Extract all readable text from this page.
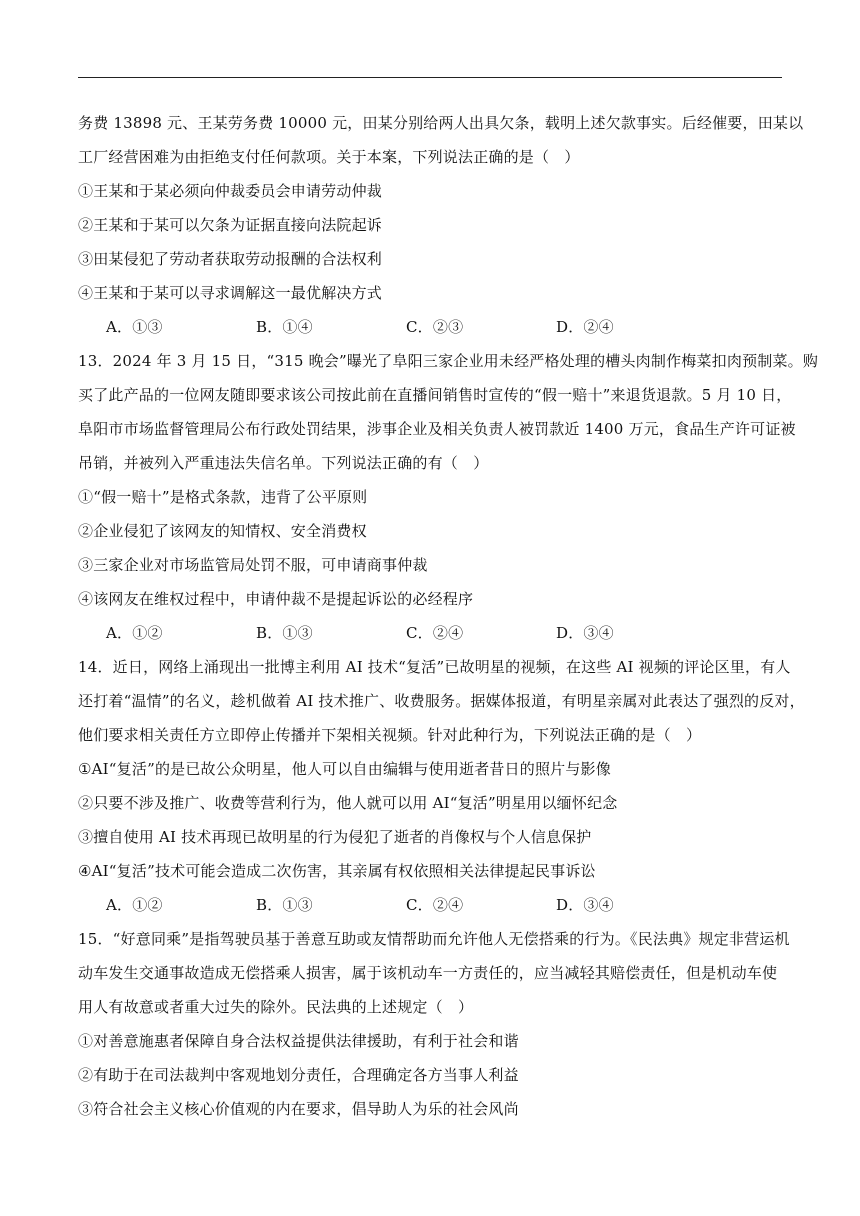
务费 13898 元、王某劳务费 10000 元，田某分别给两人出具欠条，载明上述欠款事实。后经催要，田某以
工厂经营困难为由拒绝支付任何款项。关于本案，下列说法正确的是（　）
①王某和于某必须向仲裁委员会申请劳动仲裁
②王某和于某可以欠条为证据直接向法院起诉
③田某侵犯了劳动者获取劳动报酬的合法权利
④王某和于某可以寻求调解这一最优解决方式
A．①③	B．①④	C．②③	D．②④
13．2024 年 3 月 15 日，“315 晚会”曝光了阜阳三家企业用未经严格处理的槽头肉制作梅菜扣肉预制菜。购
买了此产品的一位网友随即要求该公司按此前在直播间销售时宣传的“假一赔十”来退货退款。5 月 10 日，
阜阳市市场监督管理局公布行政处罚结果，涉事企业及相关负责人被罚款近 1400 万元，食品生产许可证被
吊销，并被列入严重违法失信名单。下列说法正确的有（　）
①“假一赔十”是格式条款，违背了公平原则
②企业侵犯了该网友的知情权、安全消费权
③三家企业对市场监管局处罚不服，可申请商事仲裁
④该网友在维权过程中，申请仲裁不是提起诉讼的必经程序
A．①②	B．①③	C．②④	D．③④
14．近日，网络上涌现出一批博主利用 AI 技术“复活”已故明星的视频，在这些 AI 视频的评论区里，有人
还打着“温情”的名义，趁机做着 AI 技术推广、收费服务。据媒体报道，有明星亲属对此表达了强烈的反对，
他们要求相关责任方立即停止传播并下架相关视频。针对此种行为，下列说法正确的是（　）
①AI“复活”的是已故公众明星，他人可以自由编辑与使用逝者昔日的照片与影像
②只要不涉及推广、收费等营利行为，他人就可以用 AI“复活”明星用以缅怀纪念
③擅自使用 AI 技术再现已故明星的行为侵犯了逝者的肖像权与个人信息保护
④AI“复活”技术可能会造成二次伤害，其亲属有权依照相关法律提起民事诉讼
A．①②	B．①③	C．②④	D．③④
15．“好意同乘”是指驾驶员基于善意互助或友情帮助而允许他人无偿搭乘的行为。《民法典》规定非营运机
动车发生交通事故造成无偿搭乘人损害，属于该机动车一方责任的，应当减轻其赔偿责任，但是机动车使
用人有故意或者重大过失的除外。民法典的上述规定（　）
①对善意施惠者保障自身合法权益提供法律援助，有利于社会和谐
②有助于在司法裁判中客观地划分责任，合理确定各方当事人利益
③符合社会主义核心价值观的内在要求，倡导助人为乐的社会风尚
